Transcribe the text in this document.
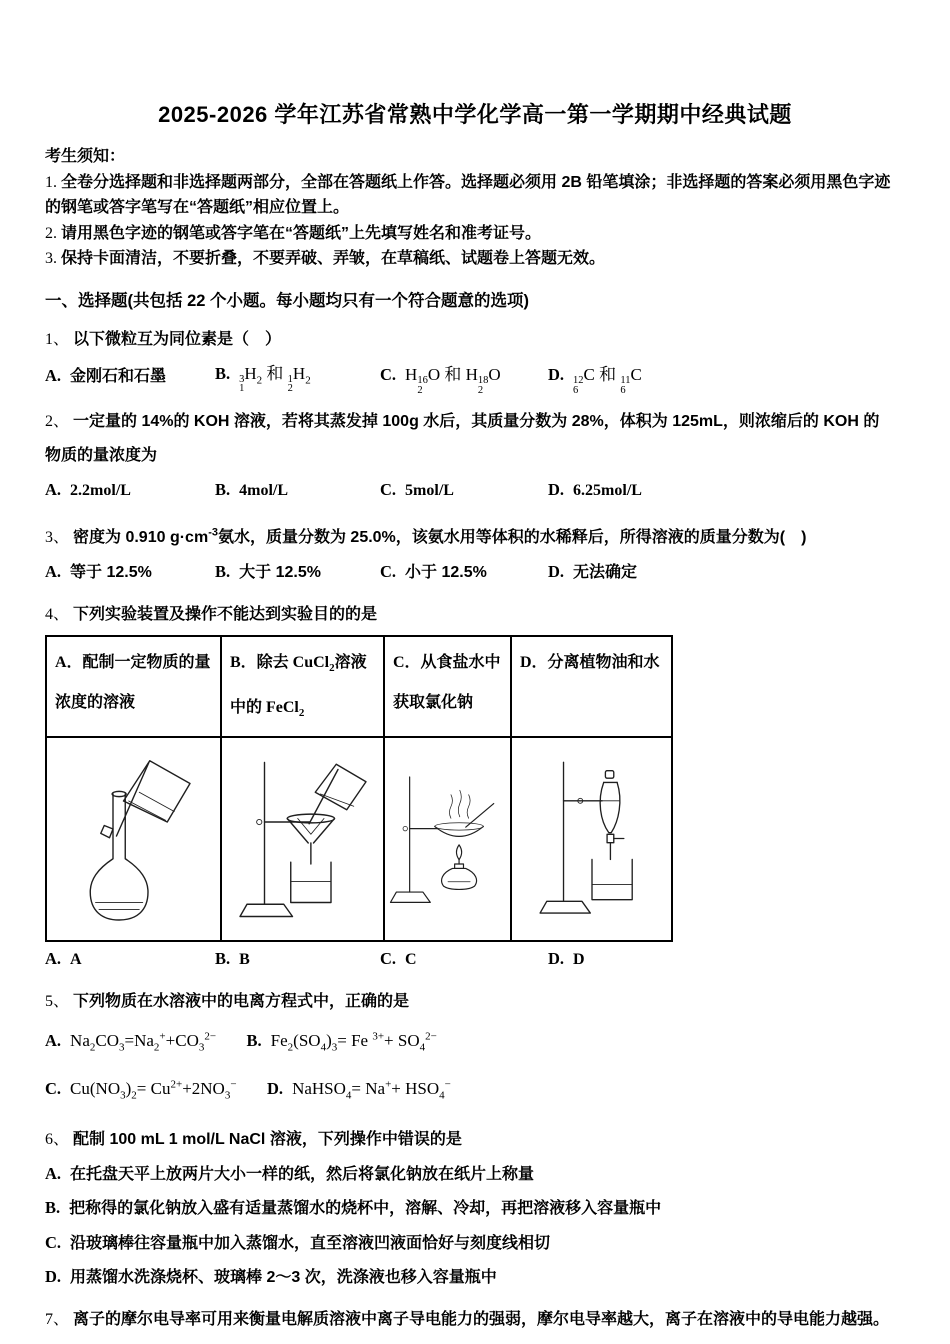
2025-2026 学年江苏省常熟中学化学高一第一学期期中经典试题
考生须知：
1. 全卷分选择题和非选择题两部分，全部在答题纸上作答。选择题必须用 2B 铅笔填涂；非选择题的答案必须用黑色字迹的钢笔或答字笔写在“答题纸”相应位置上。
2. 请用黑色字迹的钢笔或答字笔在“答题纸”上先填写姓名和准考证号。
3. 保持卡面清洁，不要折叠，不要弄破、弄皱，在草稿纸、试题卷上答题无效。
一、选择题(共包括 22 个小题。每小题均只有一个符合题意的选项)
1、 以下微粒互为同位素是（　）
A. 金刚石和石墨	B. 3
1
$H_2$ 和 1
2
$H_2$	C. H 16
2
O 和 H 18
2
O	D. 12
6
C 和 11
6
C
2、 一定量的 14%的 KOH 溶液，若将其蒸发掉 100g 水后，其质量分数为 28%，体积为 125mL，则浓缩后的 KOH 的
物质的量浓度为
A. 2.2mol/L	B. 4mol/L	C. 5mol/L	D. 6.25mol/L
3、 密度为 0.910 $g\cdot cm^{-3}$氨水，质量分数为 25.0%，该氨水用等体积的水稀释后，所得溶液的质量分数为(　)
A. 等于 12.5%	B. 大于 12.5%	C. 小于 12.5%	D. 无法确定
4、 下列实验装置及操作不能达到实验目的的是
A．配制一定物质的量浓度的溶液	B．除去 CuCl$_2$溶液中的 FeCl$_2$	C．从食盐水中获取氯化钠	D．分离植物油和水

A. A	B. B	C. C	D. D
5、 下列物质在水溶液中的电离方程式中，正确的是
A. $Na_2CO_3=Na_2^++CO_3^{2-}$ B. $Fe_2(SO_4)_3= Fe$ $^{3+}+ SO_4^{2-}$
C. $Cu(NO_3)_2= Cu^{2+}+2NO_3^-$ D. NaHSO$_4$= $Na^++ HSO_4^-$
6、 配制 100 mL 1 mol/L NaCl 溶液，下列操作中错误的是
A. 在托盘天平上放两片大小一样的纸，然后将氯化钠放在纸片上称量
B. 把称得的氯化钠放入盛有适量蒸馏水的烧杯中，溶解、冷却，再把溶液移入容量瓶中
C. 沿玻璃棒往容量瓶中加入蒸馏水，直至溶液凹液面恰好与刻度线相切
D. 用蒸馏水洗涤烧杯、玻璃棒 2～3 次，洗涤液也移入容量瓶中
7、 离子的摩尔电导率可用来衡量电解质溶液中离子导电能力的强弱，摩尔电导率越大，离子在溶液中的导电能力越强。
